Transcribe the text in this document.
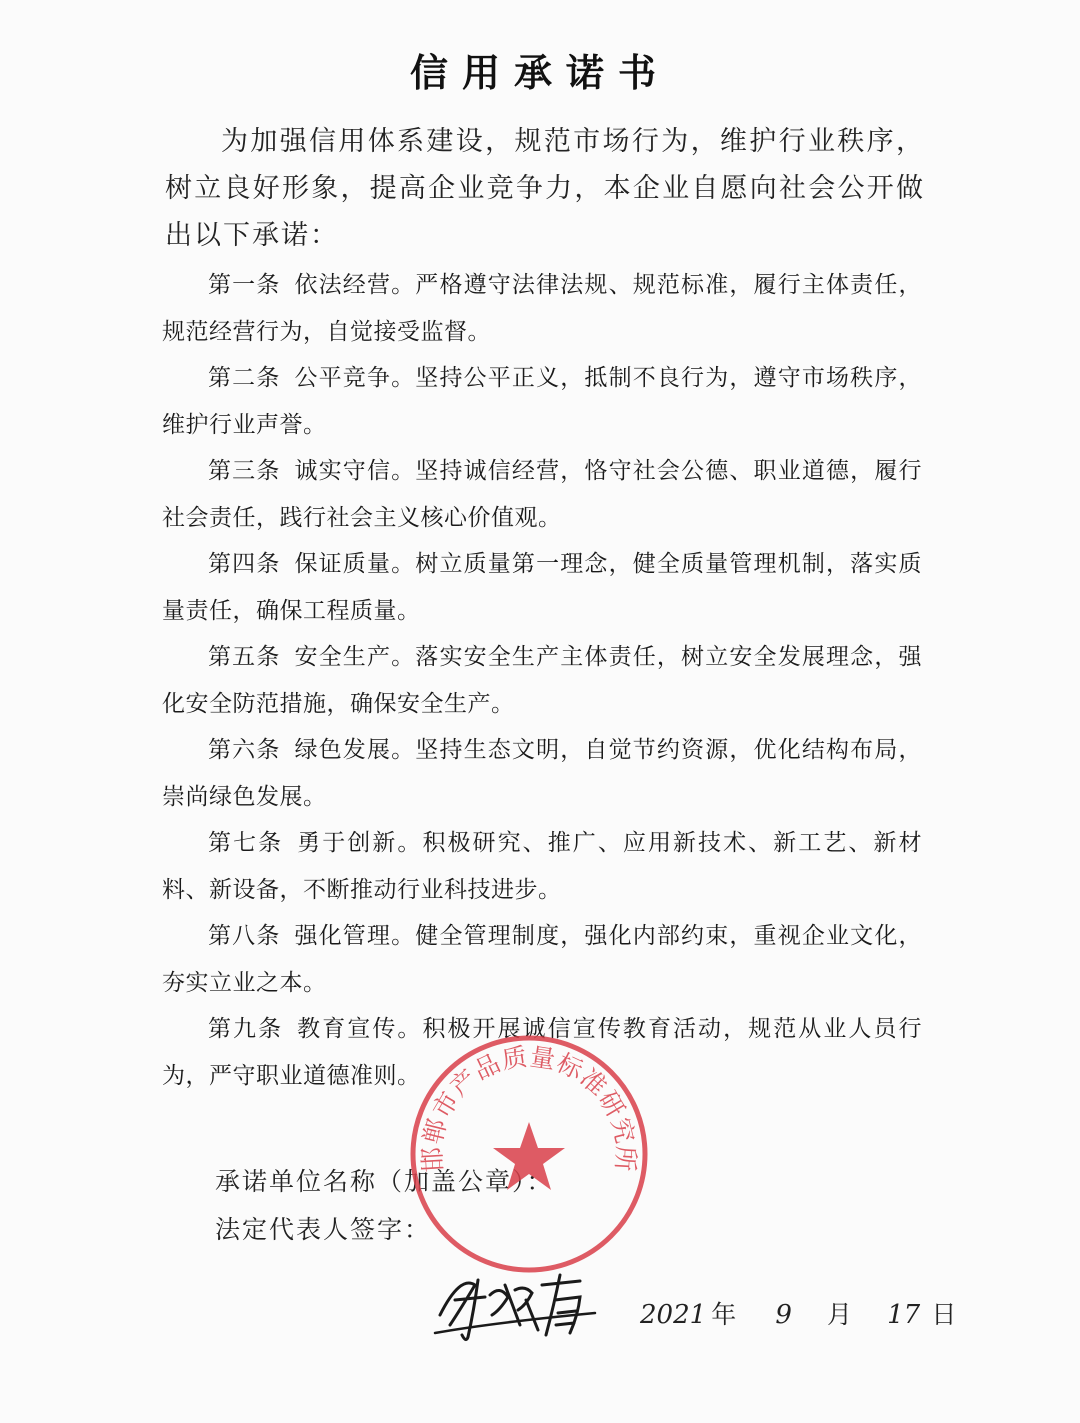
信用承诺书

为加强信用体系建设，规范市场行为，维护行业秩序，树立良好形象，提高企业竞争力，本企业自愿向社会公开做出以下承诺：

第一条 依法经营。严格遵守法律法规、规范标准，履行主体责任，规范经营行为，自觉接受监督。

第二条 公平竞争。坚持公平正义，抵制不良行为，遵守市场秩序，维护行业声誉。

第三条 诚实守信。坚持诚信经营，恪守社会公德、职业道德，履行社会责任，践行社会主义核心价值观。

第四条 保证质量。树立质量第一理念，健全质量管理机制，落实质量责任，确保工程质量。

第五条 安全生产。落实安全生产主体责任，树立安全发展理念，强化安全防范措施，确保安全生产。

第六条 绿色发展。坚持生态文明，自觉节约资源，优化结构布局，崇尚绿色发展。

第七条 勇于创新。积极研究、推广、应用新技术、新工艺、新材料、新设备，不断推动行业科技进步。

第八条 强化管理。健全管理制度，强化内部约束，重视企业文化，夯实立业之本。

第九条 教育宣传。积极开展诚信宣传教育活动，规范从业人员行为，严守职业道德准则。

承诺单位名称（加盖公章）：
法定代表人签字：
邯郸市产品质量标准研究所
2021 年 9 月 17 日
